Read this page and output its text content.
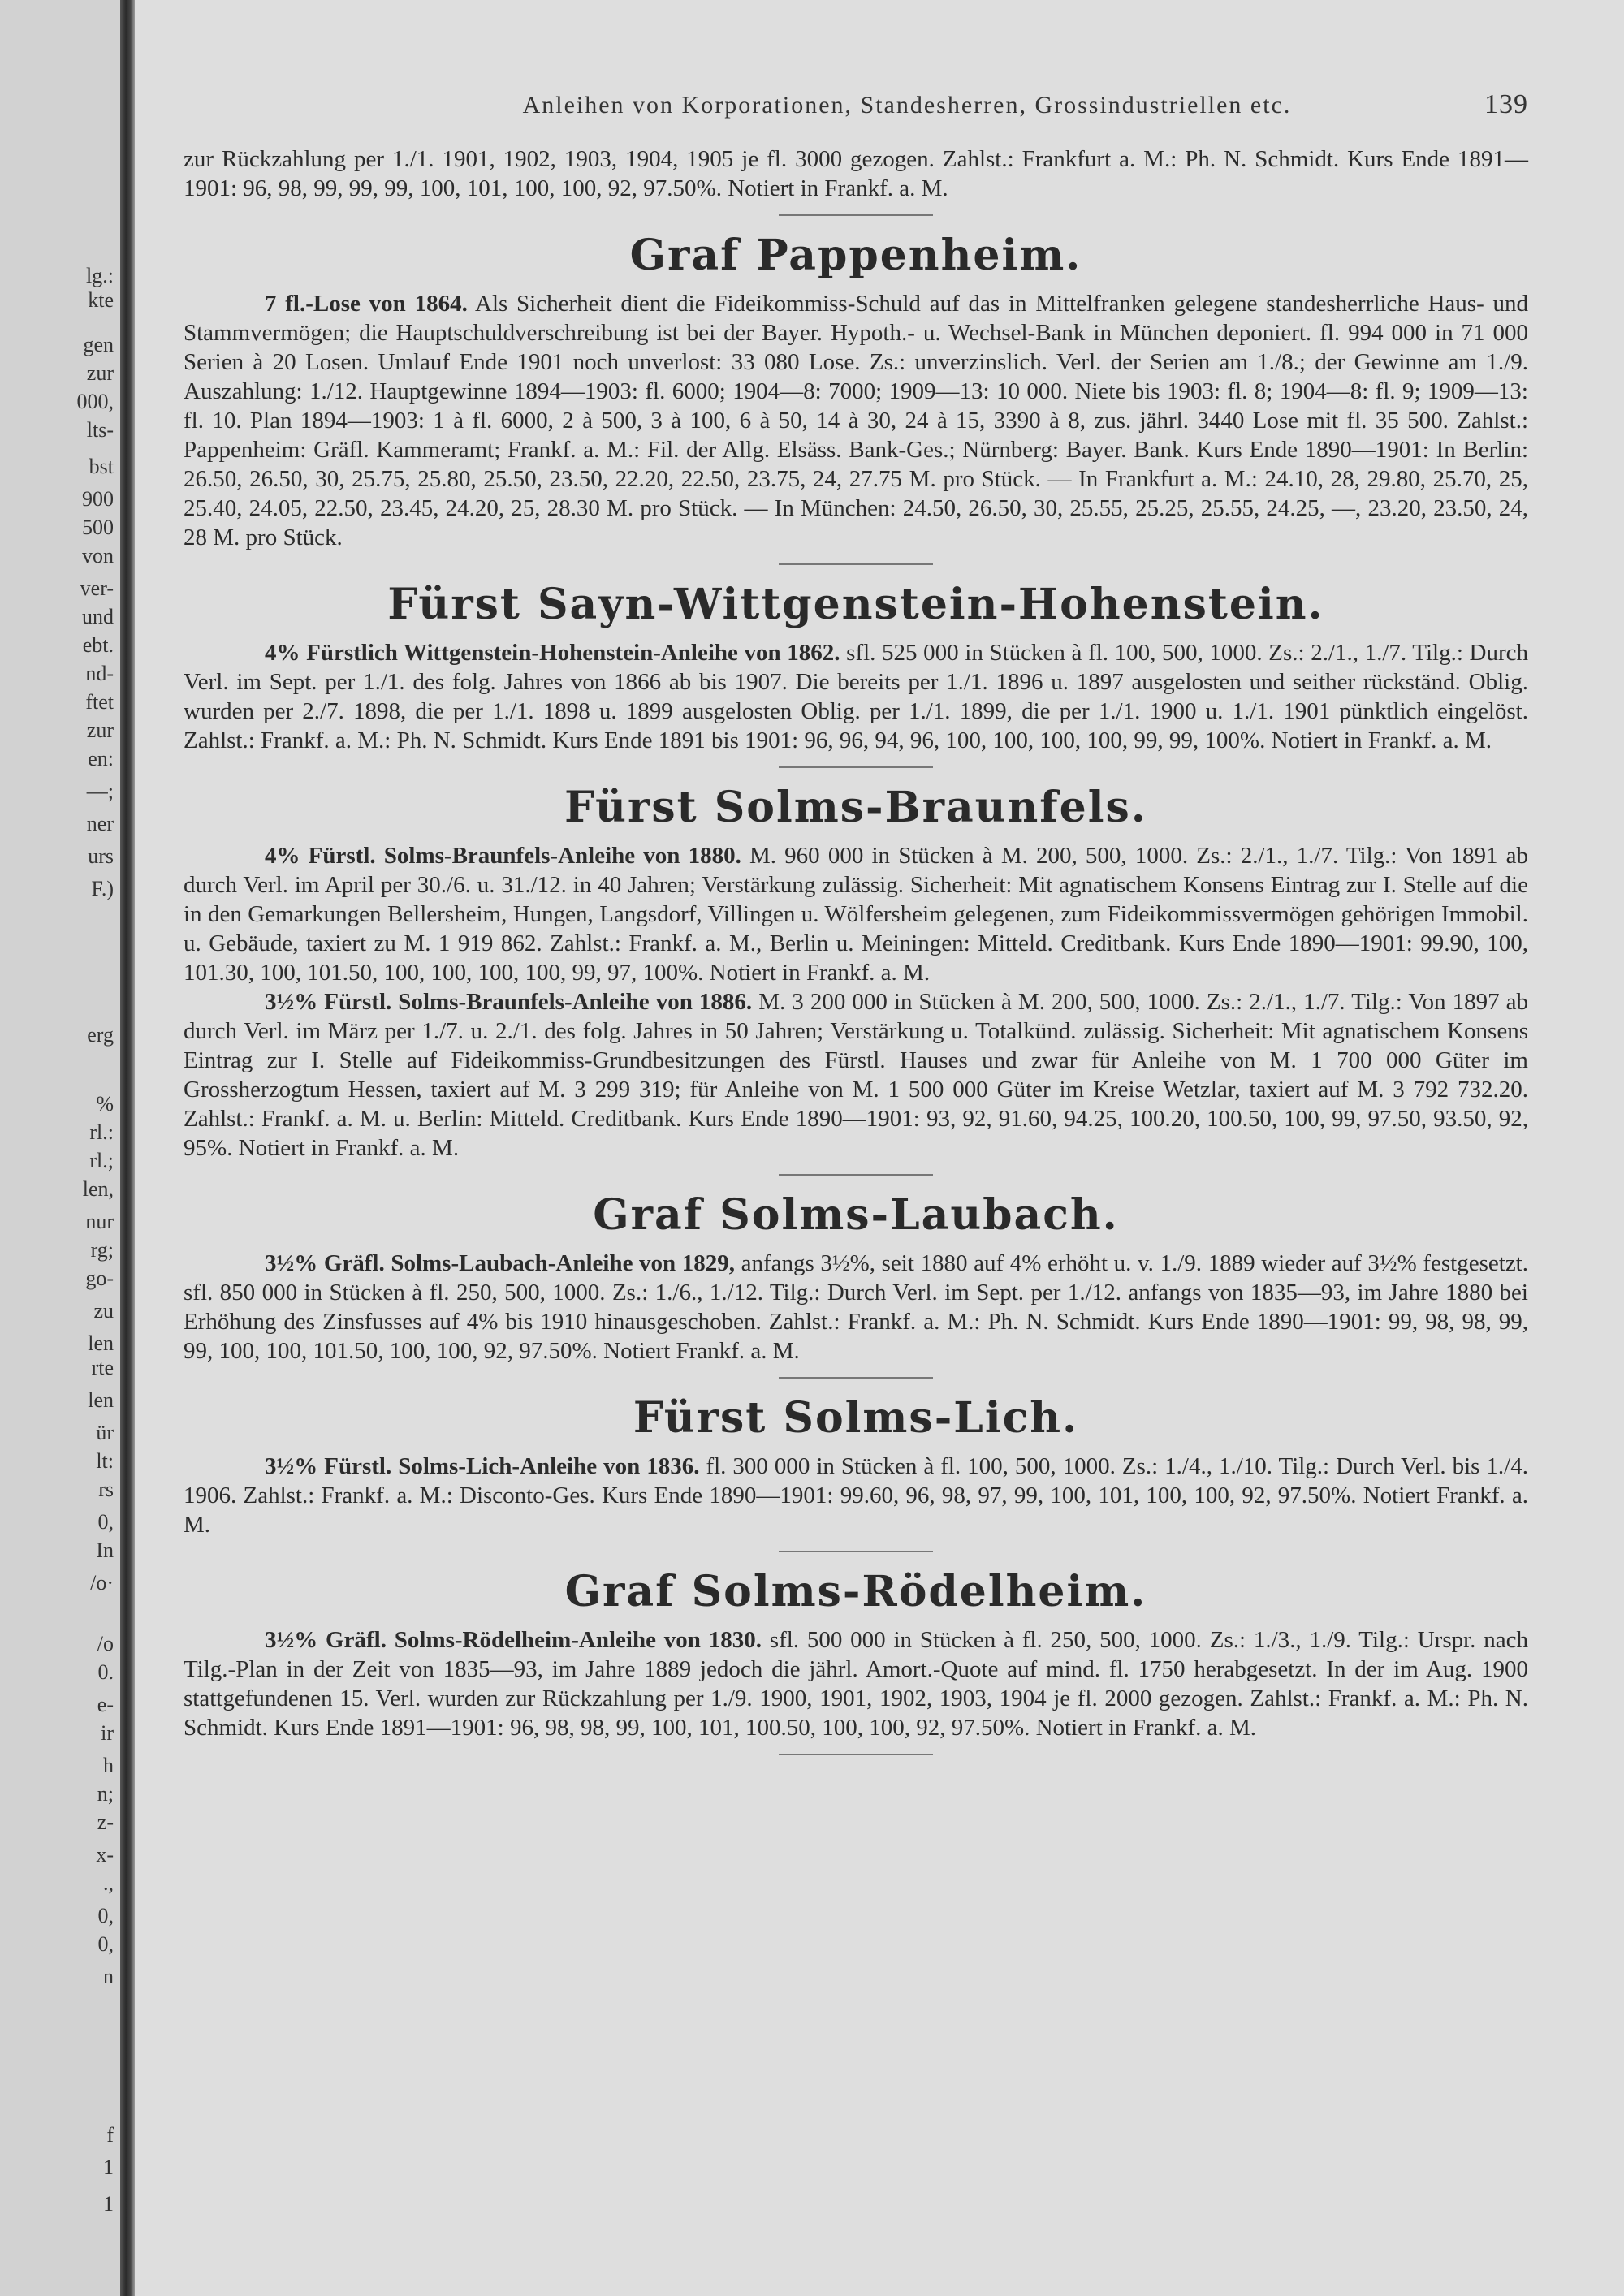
lg.:
kte
gen
zur
000,
lts-
bst
900
500
von
ver-
und
ebt.
nd-
ftet
zur
en:
—;
ner
urs
F.)
erg
%
rl.:
rl.;
len,
nur
rg;
go-
zu
len
rte
len
ür
lt:
rs
0,
In
/o·
/o
0.
e-
ir
h
n;
z-
x-
.,
0,
0,
n
f
1
1
Anleihen von Korporationen, Standesherren, Grossindustriellen etc.	139

zur Rückzahlung per 1./1. 1901, 1902, 1903, 1904, 1905 je fl. 3000 gezogen. Zahlst.: Frankfurt a. M.: Ph. N. Schmidt. Kurs Ende 1891—1901: 96, 98, 99, 99, 99, 100, 101, 100, 100, 92, 97.50%. Notiert in Frankf. a. M.

Graf Pappenheim.

7 fl.-Lose von 1864. Als Sicherheit dient die Fideikommiss-Schuld auf das in Mittelfranken gelegene standesherrliche Haus- und Stammvermögen; die Hauptschuldverschreibung ist bei der Bayer. Hypoth.- u. Wechsel-Bank in München deponiert. fl. 994 000 in 71 000 Serien à 20 Losen. Umlauf Ende 1901 noch unverlost: 33 080 Lose. Zs.: unverzinslich. Verl. der Serien am 1./8.; der Gewinne am 1./9. Auszahlung: 1./12. Hauptgewinne 1894—1903: fl. 6000; 1904—8: 7000; 1909—13: 10 000. Niete bis 1903: fl. 8; 1904—8: fl. 9; 1909—13: fl. 10. Plan 1894—1903: 1 à fl. 6000, 2 à 500, 3 à 100, 6 à 50, 14 à 30, 24 à 15, 3390 à 8, zus. jährl. 3440 Lose mit fl. 35 500. Zahlst.: Pappenheim: Gräfl. Kammeramt; Frankf. a. M.: Fil. der Allg. Elsäss. Bank-Ges.; Nürnberg: Bayer. Bank. Kurs Ende 1890—1901: In Berlin: 26.50, 26.50, 30, 25.75, 25.80, 25.50, 23.50, 22.20, 22.50, 23.75, 24, 27.75 M. pro Stück. — In Frankfurt a. M.: 24.10, 28, 29.80, 25.70, 25, 25.40, 24.05, 22.50, 23.45, 24.20, 25, 28.30 M. pro Stück. — In München: 24.50, 26.50, 30, 25.55, 25.25, 25.55, 24.25, —, 23.20, 23.50, 24, 28 M. pro Stück.

Fürst Sayn-Wittgenstein-Hohenstein.

4% Fürstlich Wittgenstein-Hohenstein-Anleihe von 1862. sfl. 525 000 in Stücken à fl. 100, 500, 1000. Zs.: 2./1., 1./7. Tilg.: Durch Verl. im Sept. per 1./1. des folg. Jahres von 1866 ab bis 1907. Die bereits per 1./1. 1896 u. 1897 ausgelosten und seither rückständ. Oblig. wurden per 2./7. 1898, die per 1./1. 1898 u. 1899 ausgelosten Oblig. per 1./1. 1899, die per 1./1. 1900 u. 1./1. 1901 pünktlich eingelöst. Zahlst.: Frankf. a. M.: Ph. N. Schmidt. Kurs Ende 1891 bis 1901: 96, 96, 94, 96, 100, 100, 100, 100, 99, 99, 100%. Notiert in Frankf. a. M.

Fürst Solms-Braunfels.

4% Fürstl. Solms-Braunfels-Anleihe von 1880. M. 960 000 in Stücken à M. 200, 500, 1000. Zs.: 2./1., 1./7. Tilg.: Von 1891 ab durch Verl. im April per 30./6. u. 31./12. in 40 Jahren; Verstärkung zulässig. Sicherheit: Mit agnatischem Konsens Eintrag zur I. Stelle auf die in den Gemarkungen Bellersheim, Hungen, Langsdorf, Villingen u. Wölfersheim gelegenen, zum Fideikommissvermögen gehörigen Immobil. u. Gebäude, taxiert zu M. 1 919 862. Zahlst.: Frankf. a. M., Berlin u. Meiningen: Mitteld. Creditbank. Kurs Ende 1890—1901: 99.90, 100, 101.30, 100, 101.50, 100, 100, 100, 100, 99, 97, 100%. Notiert in Frankf. a. M.

3½% Fürstl. Solms-Braunfels-Anleihe von 1886. M. 3 200 000 in Stücken à M. 200, 500, 1000. Zs.: 2./1., 1./7. Tilg.: Von 1897 ab durch Verl. im März per 1./7. u. 2./1. des folg. Jahres in 50 Jahren; Verstärkung u. Totalkünd. zulässig. Sicherheit: Mit agnatischem Konsens Eintrag zur I. Stelle auf Fideikommiss-Grundbesitzungen des Fürstl. Hauses und zwar für Anleihe von M. 1 700 000 Güter im Grossherzogtum Hessen, taxiert auf M. 3 299 319; für Anleihe von M. 1 500 000 Güter im Kreise Wetzlar, taxiert auf M. 3 792 732.20. Zahlst.: Frankf. a. M. u. Berlin: Mitteld. Creditbank. Kurs Ende 1890—1901: 93, 92, 91.60, 94.25, 100.20, 100.50, 100, 99, 97.50, 93.50, 92, 95%. Notiert in Frankf. a. M.

Graf Solms-Laubach.

3½% Gräfl. Solms-Laubach-Anleihe von 1829, anfangs 3½%, seit 1880 auf 4% erhöht u. v. 1./9. 1889 wieder auf 3½% festgesetzt. sfl. 850 000 in Stücken à fl. 250, 500, 1000. Zs.: 1./6., 1./12. Tilg.: Durch Verl. im Sept. per 1./12. anfangs von 1835—93, im Jahre 1880 bei Erhöhung des Zinsfusses auf 4% bis 1910 hinausgeschoben. Zahlst.: Frankf. a. M.: Ph. N. Schmidt. Kurs Ende 1890—1901: 99, 98, 98, 99, 99, 100, 100, 101.50, 100, 100, 92, 97.50%. Notiert Frankf. a. M.

Fürst Solms-Lich.

3½% Fürstl. Solms-Lich-Anleihe von 1836. fl. 300 000 in Stücken à fl. 100, 500, 1000. Zs.: 1./4., 1./10. Tilg.: Durch Verl. bis 1./4. 1906. Zahlst.: Frankf. a. M.: Disconto-Ges. Kurs Ende 1890—1901: 99.60, 96, 98, 97, 99, 100, 101, 100, 100, 92, 97.50%. Notiert Frankf. a. M.

Graf Solms-Rödelheim.

3½% Gräfl. Solms-Rödelheim-Anleihe von 1830. sfl. 500 000 in Stücken à fl. 250, 500, 1000. Zs.: 1./3., 1./9. Tilg.: Urspr. nach Tilg.-Plan in der Zeit von 1835—93, im Jahre 1889 jedoch die jährl. Amort.-Quote auf mind. fl. 1750 herabgesetzt. In der im Aug. 1900 stattgefundenen 15. Verl. wurden zur Rückzahlung per 1./9. 1900, 1901, 1902, 1903, 1904 je fl. 2000 gezogen. Zahlst.: Frankf. a. M.: Ph. N. Schmidt. Kurs Ende 1891—1901: 96, 98, 98, 99, 100, 101, 100.50, 100, 100, 92, 97.50%. Notiert in Frankf. a. M.
